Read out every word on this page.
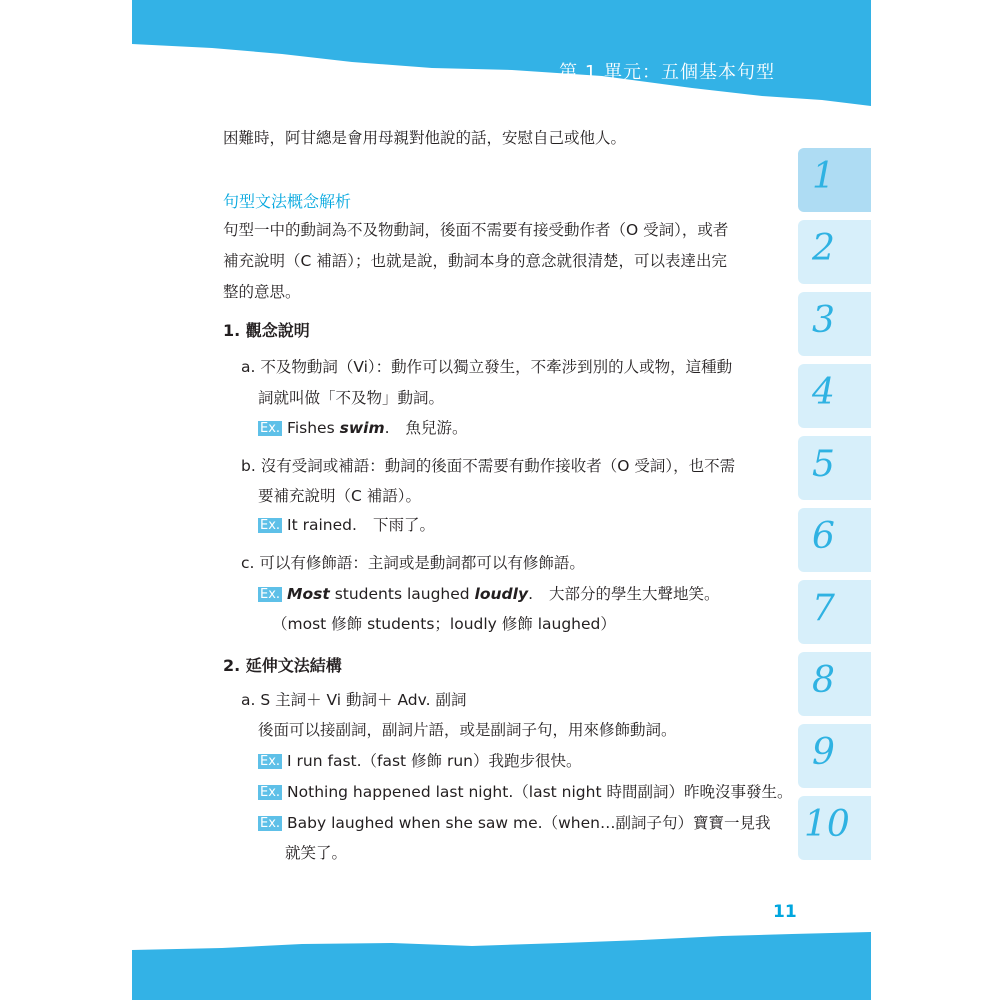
第 1 單元：五個基本句型
困難時，阿甘總是會用母親對他說的話，安慰自己或他人。
句型文法概念解析
句型一中的動詞為不及物動詞，後面不需要有接受動作者（O 受詞），或者
補充說明（C 補語）；也就是說，動詞本身的意念就很清楚，可以表達出完
整的意思。
1. 觀念說明
a. 不及物動詞（Vi）：動作可以獨立發生，不牽涉到別的人或物，這種動
詞就叫做「不及物」動詞。
Ex. Fishes swim. 魚兒游。
b. 沒有受詞或補語：動詞的後面不需要有動作接收者（O 受詞），也不需
要補充說明（C 補語）。
Ex. It rained. 下雨了。
c. 可以有修飾語：主詞或是動詞都可以有修飾語。
Ex. Most students laughed loudly. 大部分的學生大聲地笑。
（most 修飾 students；loudly 修飾 laughed）
2. 延伸文法結構
a. S 主詞＋ Vi 動詞＋ Adv. 副詞
後面可以接副詞，副詞片語，或是副詞子句，用來修飾動詞。
Ex. I run fast.（fast 修飾 run）我跑步很快。
Ex. Nothing happened last night.（last night 時間副詞）昨晚沒事發生。
Ex. Baby laughed when she saw me.（when…副詞子句）寶寶一見我
就笑了。
1
2
3
4
5
6
7
8
9
10
11
